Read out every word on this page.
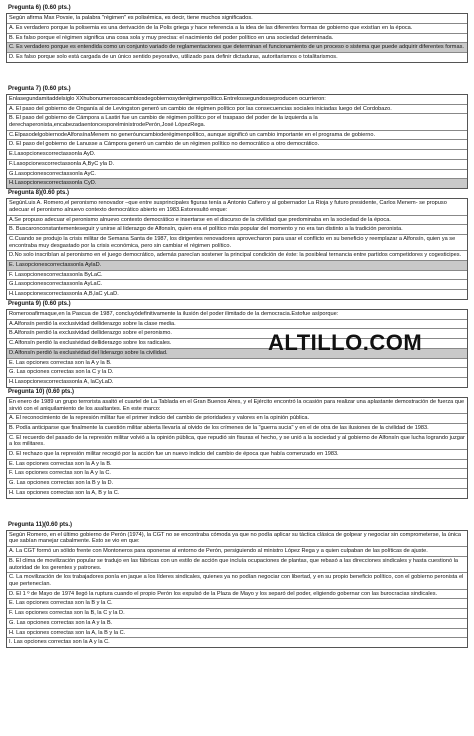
Pregunta 6) (0.60 pts.)
Según afirma Max Povsie, la palabra "régimen" es polisémica, es decir, tiene muchos significados.
A. Es verdadero porque la polisemia es una derivación de la Polis griega y hace referencia a la idea de las diferentes formas de gobierno que existían en la época.
B. Es falso porque el régimen significa una cosa sola y muy precisa: el nacimiento del poder político en una sociedad determinada.
C. Es verdadero porque es entendida como un conjunto variado de reglamentaciones que determinan el funcionamiento de un proceso o sistema que puede adquirir diferentes formas.
D. Es falso porque solo está cargada de un único sentido peyorativo, utilizado para definir dictaduras, autoritarismos o totalitarismos.
Pregunta 7) (0.60 pts.)
Enlasegundamitaddelsiglo XXhubonumerososcambiosdegobiernosyderégimenpolítico.Entrelossegundosseproducen ocurrieron:
A. El paso del gobierno de Onganía al de Levingston generó un cambio de régimen político por las consecuencias sociales iniciadas luego del Cordobazo.
B. El paso del gobierno de Cámpora a Lastiri fue un cambio de régimen político por el traspaso del poder de la izquierda a la derechaperonista,encabezadaentoncesporelministrodePerón,José LópezRega.
C.ElpasodelgobiernodeAlfonsínaMenem no generóuncambioderégimenpolítico, aunque significó un cambio importante en el programa de gobierno.
D. El paso del gobierno de Lanusse a Cámpora generó un cambio de un régimen político no democrático a otro democrático.
E.Lasopcionescorrectassonla AyD.
F.Lasopcionescorrectassonla A,ByC yla D.
G.Lasopcionescorrectassonla AyC.
H.Lasopcionescorrectassonla CyD.
Pregunta 8)(0.60 pts.)
SegúnLuis A. Romero,el peronismo renovador –que entre susprincipales figuras tenía a Antonio Cafiero y al gobernador La Rioja y futuro presidente, Carlos Menem- se propuso adecuar el peronismo alnuevo contexto democrático abierto en 1983.Estoresultó enque:
A.Se propuso adecuar el peronismo alnuevo contexto democrático e insertarse en el discurso de la civilidad que predominaba en la sociedad de la época.
B. Buscaronconstantementeseguir y unirse al liderazgo de Alfonsín, quien era el político más popular del momento y no era tan distinto a la tradición peronista.
C.Cuando se produjo la crisis militar de Semana Santa de 1987, los dirigentes renovadores aprovecharon para usar el conflicto en su beneficio y reemplazar a Alfonsín, quien ya se encontraba muy desgastado por la crisis económica, pero sin cambiar el régimen político.
D.No solo inscribían al peronismo en el juego democrático, además parecían sostener la principal condición de éste: la posibleal ternancia entre partidos competidores y cogesticipes.
E. Lasopcionescorrectassonla AylaD.
F. Lasopcionescorrectassonla ByLaC.
G.Lasopcionescorrectassonla AyLaC.
H.Lasopcionescorrectassonla A,B,laC yLaD.
Pregunta 9) (0.60 pts.)
Romerooafirmaque,en la Pascua de 1987, concluyódefinitivamente la ilusión del poder ilimitado de la democracia.Estofue asíporque:
A.Alfonsín perdió la exclusividad delliderazgo sobre la clase media.
B.Alfonsín perdió la exclusividad delliderazgo sobre el peronismo.
C.Alfonsín perdió la exclusividad delliderazgo sobre los radicales.
D.Alfonsín perdió la exclusividad del liderazgo sobre la civilidad.
E. Las opciones correctas son la A y la B.
G. Las opciones correctas son la C y la D.
H.Lasopcionescorrectassonla A, laCyLaD.
Pregunta 10) (0.60 pts.)
En enero de 1989 un grupo terrorista asaltó el cuartel de La Tablada en el Gran Buenos Aires, y el Ejército encontró la ocasión para realizar una aplastante demostración de fuerza que sirvió con el aniquilamiento de los asaltantes. En este marco:
A. El reconocimiento de la represión militar fue el primer indicio del cambio de prioridades y valores en la opinión pública.
B. Podía anticiparse que finalmente la cuestión militar abierta llevaría al olvido de los crímenes de la "guerra sucia" y en el de otra de las ilusiones de la civilidad de 1983.
C. El recuerdo del pasado de la represión militar volvió a la opinión pública, que repudió sin fisuras el hecho, y se unió a la sociedad y al gobierno de Alfonsín que lucha logrando juzgar a los militares.
D. El rechazo que la represión militar recogió por la acción fue un nuevo indicio del cambio de época que había comenzado en 1983.
E. Las opciones correctas son la A y la B.
F. Las opciones correctas son la A y la C.
G. Las opciones correctas son la B y la D.
H. Las opciones correctas son la A, B y la C.
Pregunta 11)(0.60 pts.)
Según Romero, en el último gobierno de Perón (1974), la CGT no se encontraba cómoda ya que no podía aplicar su táctica clásica de golpear y negociar sin comprometerse, la única que sabían manejar cabalmente. Esto se vio en que:
A. La CGT formó un sólido frente con Montoneros para oponerse al entorno de Perón, persiguiendo al ministro López Rega y a quien culpaban de las políticas de ajuste.
B. El clima de movilización popular se tradujo en las fábricas con un estilo de acción que incluía ocupaciones de plantas, que rebasó a las direcciones sindicales y hasta cuestionó la autoridad de los gerentes y patrones.
C. La movilización de los trabajadores ponía en jaque a los líderes sindicales, quienes ya no podían negociar con libertad, y en su propio beneficio político, con el gobierno peronista el que pertenecían.
D. El 1 º de Mayo de 1974 llegó la ruptura cuando el propio Perón los expulsó de la Plaza de Mayo y los separó del poder, eligiendo gobernar con las burocracias sindicales.
E. Las opciones correctas son la B y la C.
F. Las opciones correctas son la B, la C y la D.
G. Las opciones correctas son la A y la B.
H. Las opciones correctas son la A, la B y la C.
I. Las opciones correctas son la A y la C.
ALTILLO.COM
